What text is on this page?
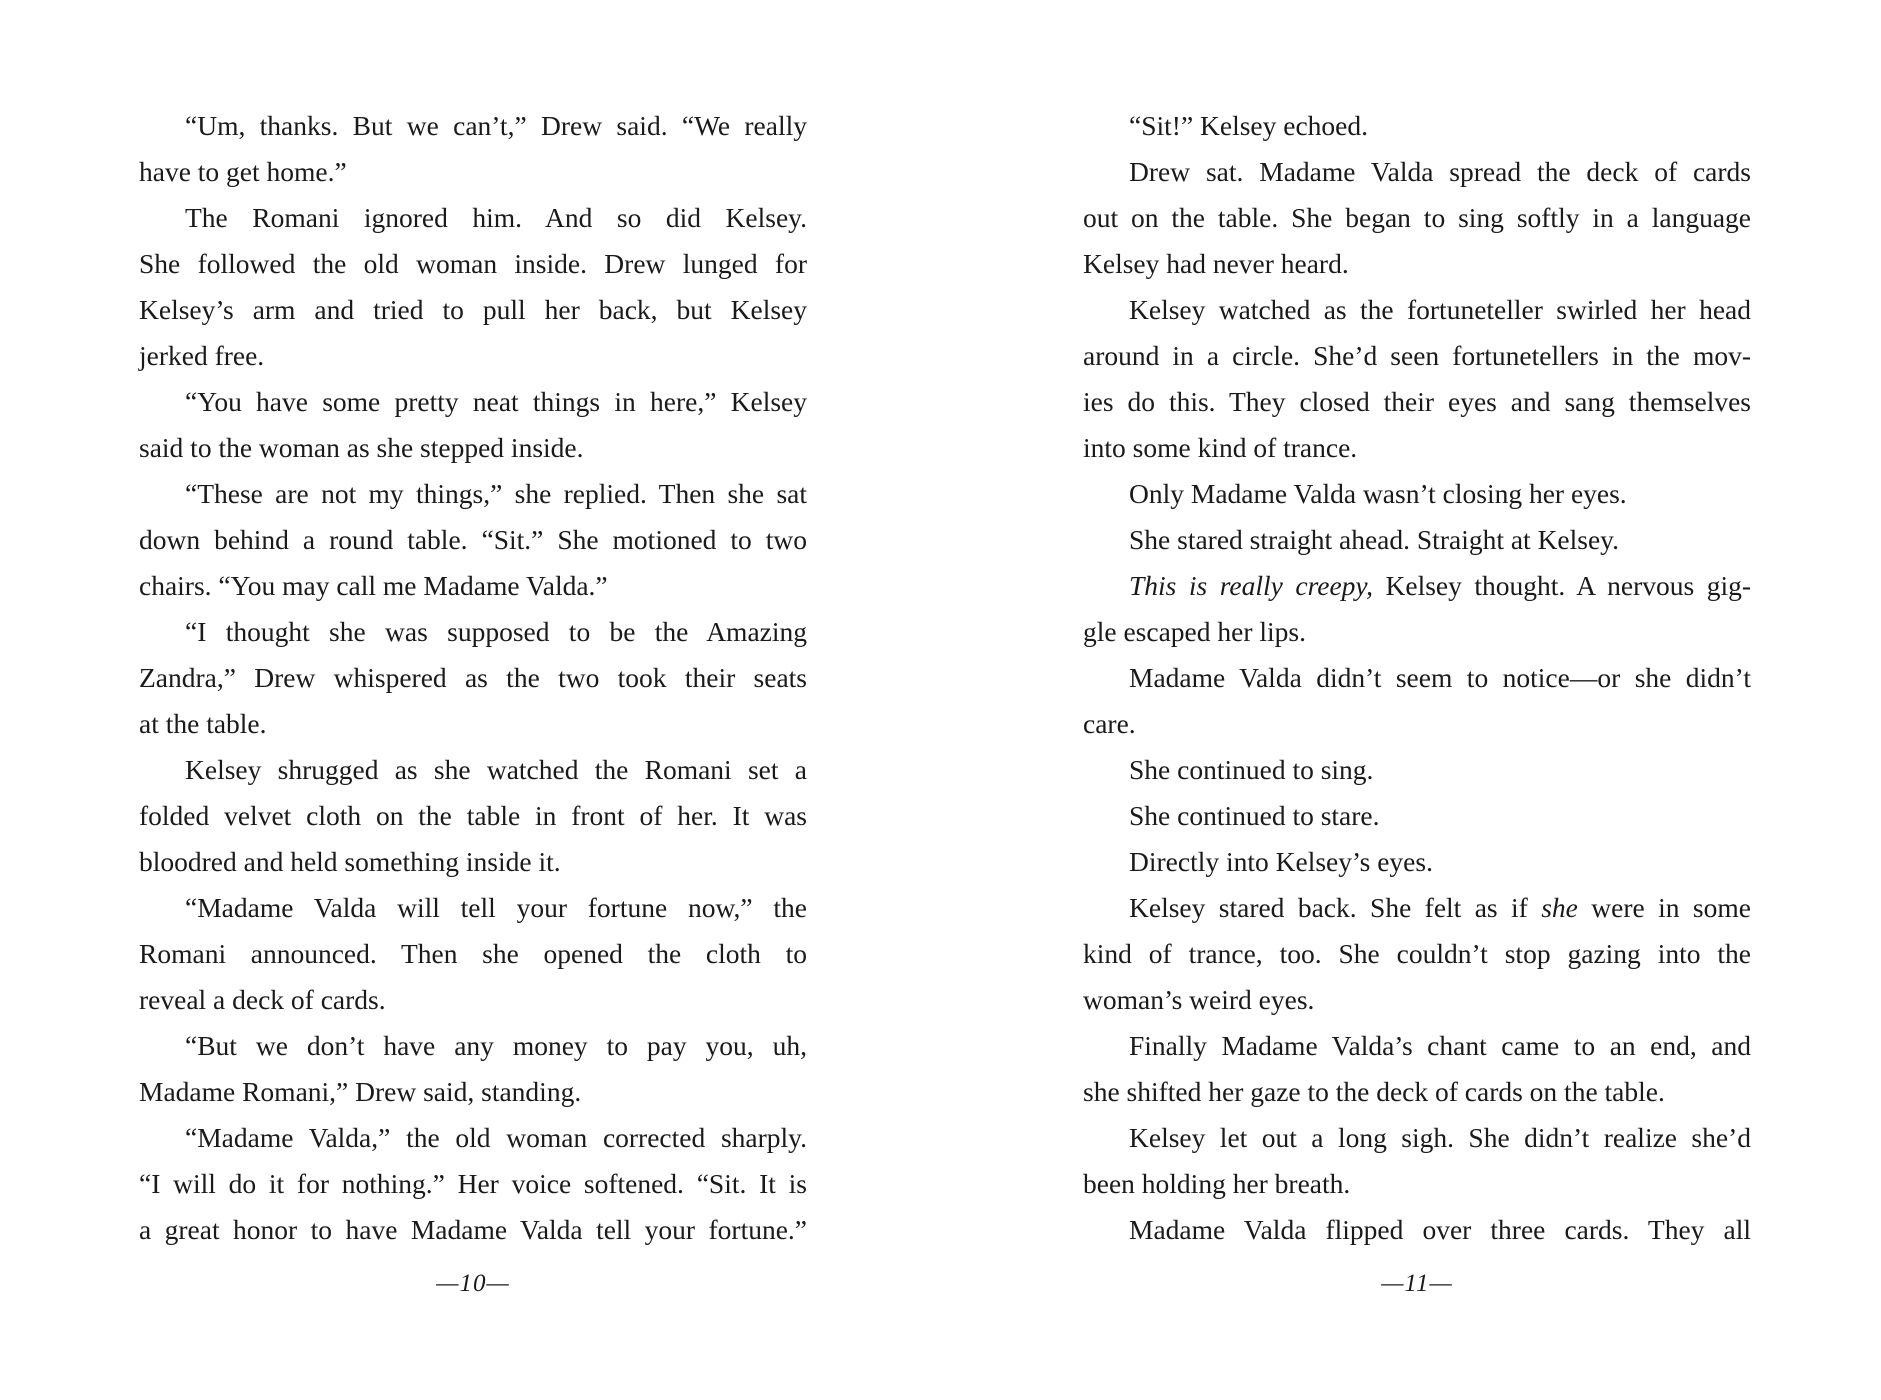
“Um, thanks. But we can’t,” Drew said. “We really
have to get home.”
The Romani ignored him. And so did Kelsey.
She followed the old woman inside. Drew lunged for
Kelsey’s arm and tried to pull her back, but Kelsey
jerked free.
“You have some pretty neat things in here,” Kelsey
said to the woman as she stepped inside.
“These are not my things,” she replied. Then she sat
down behind a round table. “Sit.” She motioned to two
chairs. “You may call me Madame Valda.”
“I thought she was supposed to be the Amazing
Zandra,” Drew whispered as the two took their seats
at the table.
Kelsey shrugged as she watched the Romani set a
folded velvet cloth on the table in front of her. It was
bloodred and held something inside it.
“Madame Valda will tell your fortune now,” the
Romani announced. Then she opened the cloth to
reveal a deck of cards.
“But we don’t have any money to pay you, uh,
Madame Romani,” Drew said, standing.
“Madame Valda,” the old woman corrected sharply.
“I will do it for nothing.” Her voice softened. “Sit. It is
a great honor to have Madame Valda tell your fortune.”
—10—
“Sit!” Kelsey echoed.
Drew sat. Madame Valda spread the deck of cards
out on the table. She began to sing softly in a language
Kelsey had never heard.
Kelsey watched as the fortuneteller swirled her head
around in a circle. She’d seen fortunetellers in the mov-
ies do this. They closed their eyes and sang themselves
into some kind of trance.
Only Madame Valda wasn’t closing her eyes.
She stared straight ahead. Straight at Kelsey.
This is really creepy, Kelsey thought. A nervous gig-
gle escaped her lips.
Madame Valda didn’t seem to notice—or she didn’t
care.
She continued to sing.
She continued to stare.
Directly into Kelsey’s eyes.
Kelsey stared back. She felt as if she were in some
kind of trance, too. She couldn’t stop gazing into the
woman’s weird eyes.
Finally Madame Valda’s chant came to an end, and
she shifted her gaze to the deck of cards on the table.
Kelsey let out a long sigh. She didn’t realize she’d
been holding her breath.
Madame Valda flipped over three cards. They all
—11—
